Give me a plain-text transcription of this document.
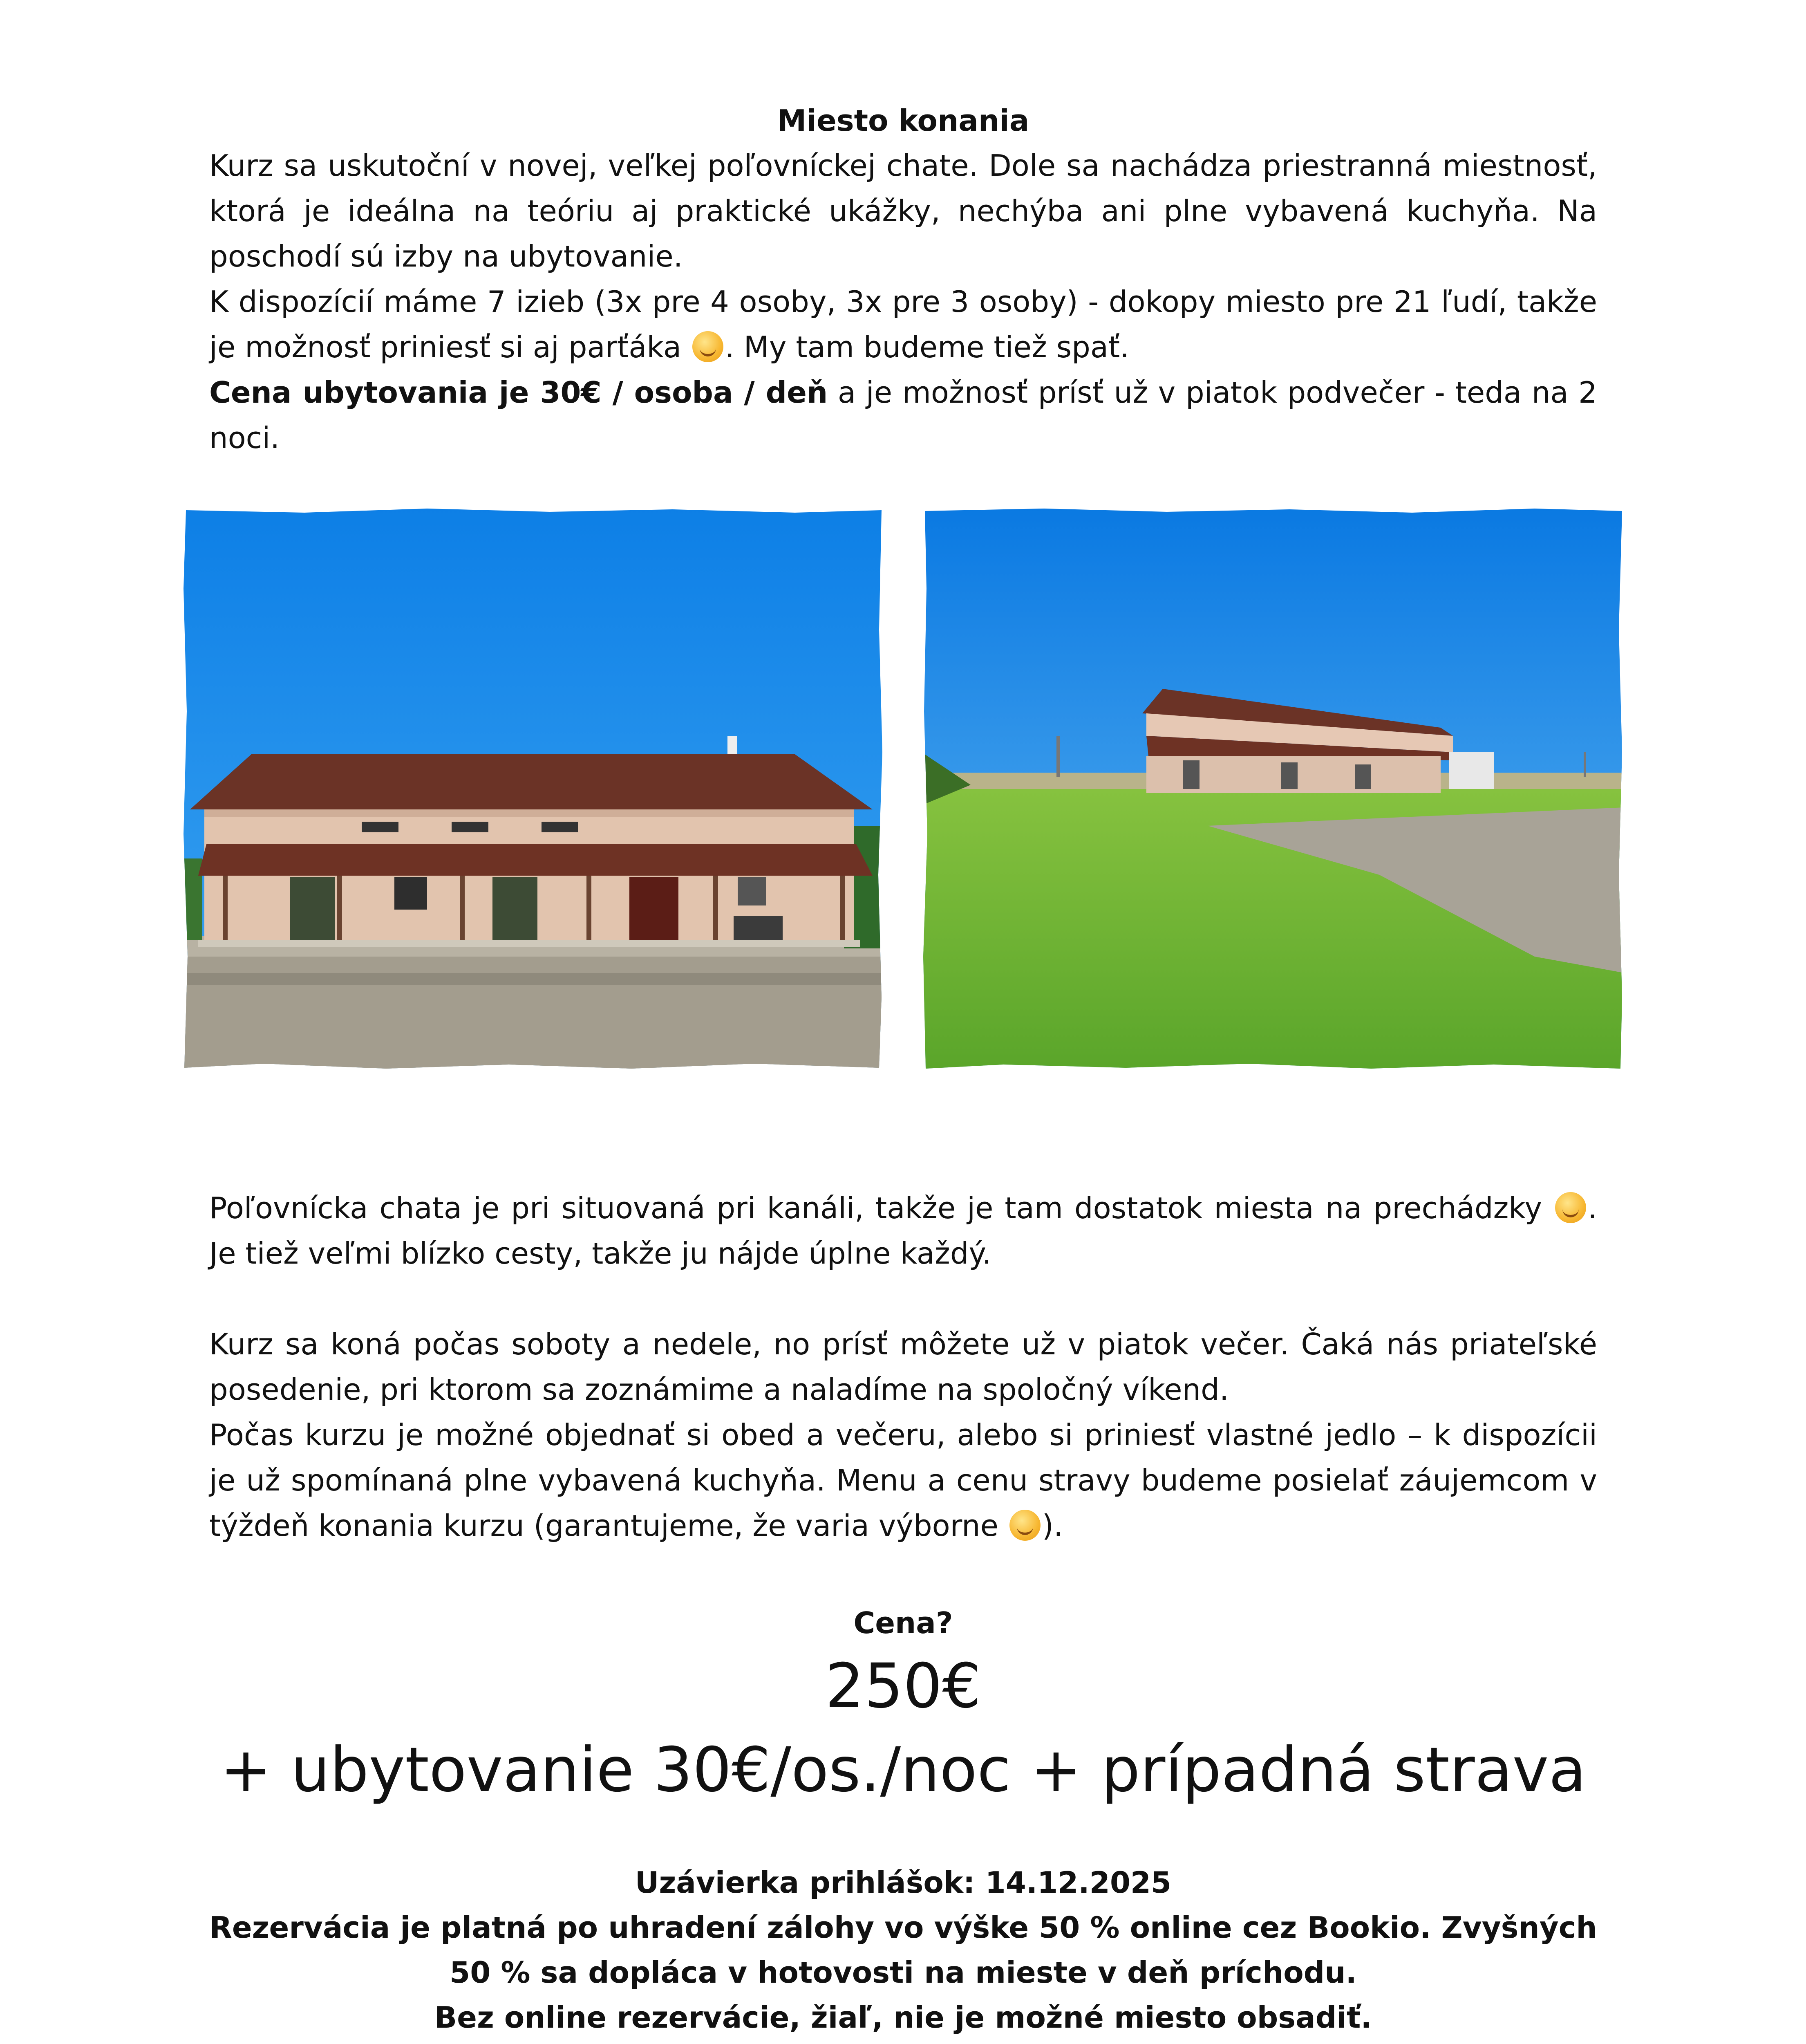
Miesto konania

Kurz sa uskutoční v novej, veľkej poľovníckej chate. Dole sa nachádza priestranná miestnosť, ktorá je ideálna na teóriu aj praktické ukážky, nechýba ani plne vybavená kuchyňa. Na poschodí sú izby na ubytovanie.

K dispozícií máme 7 izieb (3x pre 4 osoby, 3x pre 3 osoby) - dokopy miesto pre 21 ľudí, takže je možnosť priniesť si aj parťáka . My tam budeme tiež spať.

Cena ubytovania je 30€ / osoba / deň a je možnosť prísť už v piatok podvečer - teda na 2 noci.

Poľovnícka chata je pri situovaná pri kanáli, takže je tam dostatok miesta na prechádzky . Je tiež veľmi blízko cesty, takže ju nájde úplne každý.

Kurz sa koná počas soboty a nedele, no prísť môžete už v piatok večer. Čaká nás priateľské posedenie, pri ktorom sa zoznámime a naladíme na spoločný víkend.

Počas kurzu je možné objednať si obed a večeru, alebo si priniesť vlastné jedlo – k dispozícii je už spomínaná plne vybavená kuchyňa. Menu a cenu stravy budeme posielať záujemcom v týždeň konania kurzu (garantujeme, že varia výborne ).

Cena?
250€
+ ubytovanie 30€/os./noc + prípadná strava
Uzávierka prihlášok: 14.12.2025
Rezervácia je platná po uhradení zálohy vo výške 50 % online cez Bookio. Zvyšných 50 % sa dopláca v hotovosti na mieste v deň príchodu.
Bez online rezervácie, žiaľ, nie je možné miesto obsadiť.
